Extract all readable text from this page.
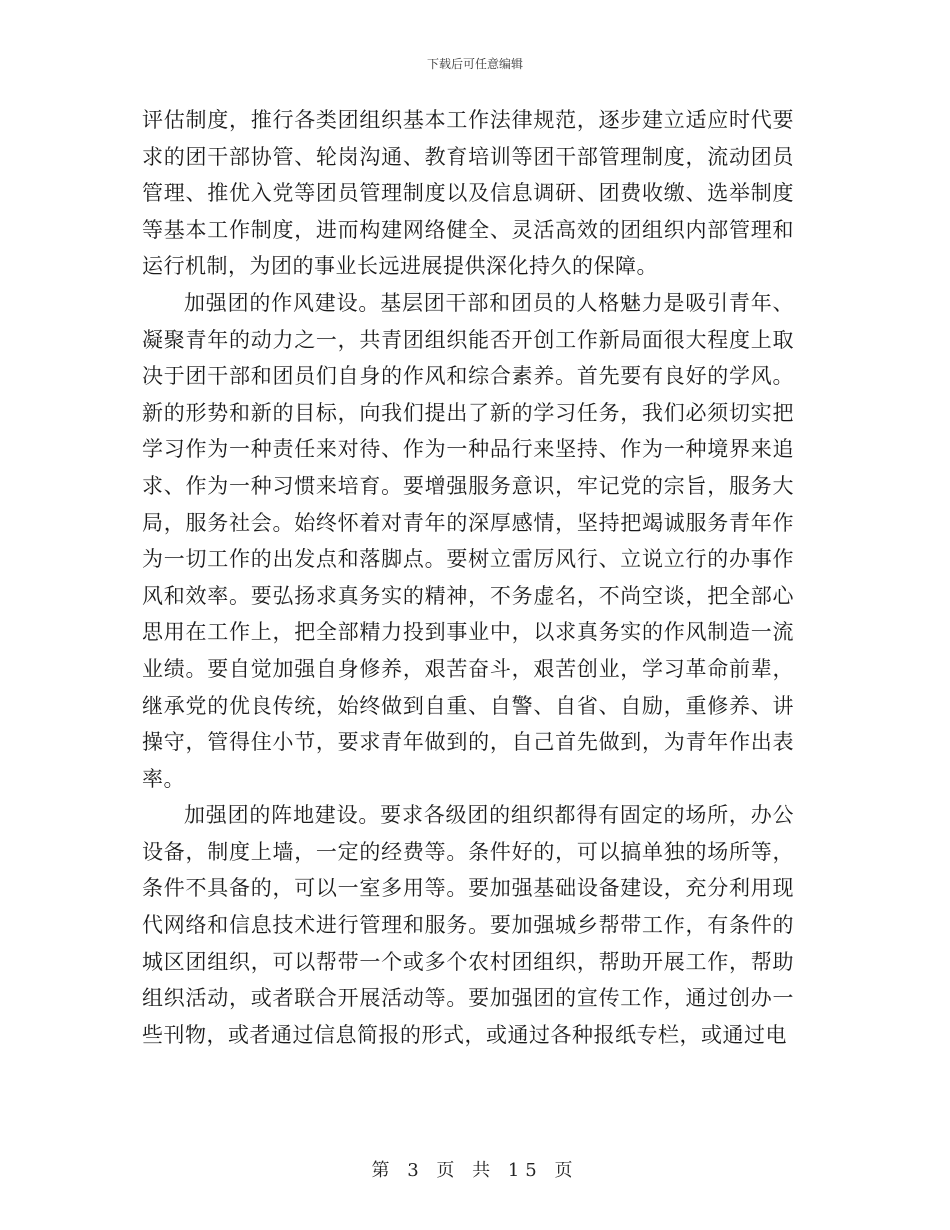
下载后可任意编辑

评估制度，推行各类团组织基本工作法律规范，逐步建立适应时代要求的团干部协管、轮岗沟通、教育培训等团干部管理制度，流动团员管理、推优入党等团员管理制度以及信息调研、团费收缴、选举制度等基本工作制度，进而构建网络健全、灵活高效的团组织内部管理和运行机制，为团的事业长远进展提供深化持久的保障。

加强团的作风建设。基层团干部和团员的人格魅力是吸引青年、凝聚青年的动力之一，共青团组织能否开创工作新局面很大程度上取决于团干部和团员们自身的作风和综合素养。首先要有良好的学风。新的形势和新的目标，向我们提出了新的学习任务，我们必须切实把学习作为一种责任来对待、作为一种品行来坚持、作为一种境界来追求、作为一种习惯来培育。要增强服务意识，牢记党的宗旨，服务大局，服务社会。始终怀着对青年的深厚感情，坚持把竭诚服务青年作为一切工作的出发点和落脚点。要树立雷厉风行、立说立行的办事作风和效率。要弘扬求真务实的精神，不务虚名，不尚空谈，把全部心思用在工作上，把全部精力投到事业中，以求真务实的作风制造一流业绩。要自觉加强自身修养，艰苦奋斗，艰苦创业，学习革命前辈，继承党的优良传统，始终做到自重、自警、自省、自励，重修养、讲操守，管得住小节，要求青年做到的，自己首先做到，为青年作出表率。

加强团的阵地建设。要求各级团的组织都得有固定的场所，办公设备，制度上墙，一定的经费等。条件好的，可以搞单独的场所等，条件不具备的，可以一室多用等。要加强基础设备建设，充分利用现代网络和信息技术进行管理和服务。要加强城乡帮带工作，有条件的城区团组织，可以帮带一个或多个农村团组织，帮助开展工作，帮助组织活动，或者联合开展活动等。要加强团的宣传工作，通过创办一些刊物，或者通过信息简报的形式，或通过各种报纸专栏，或通过电

第 3 页 共 15 页
